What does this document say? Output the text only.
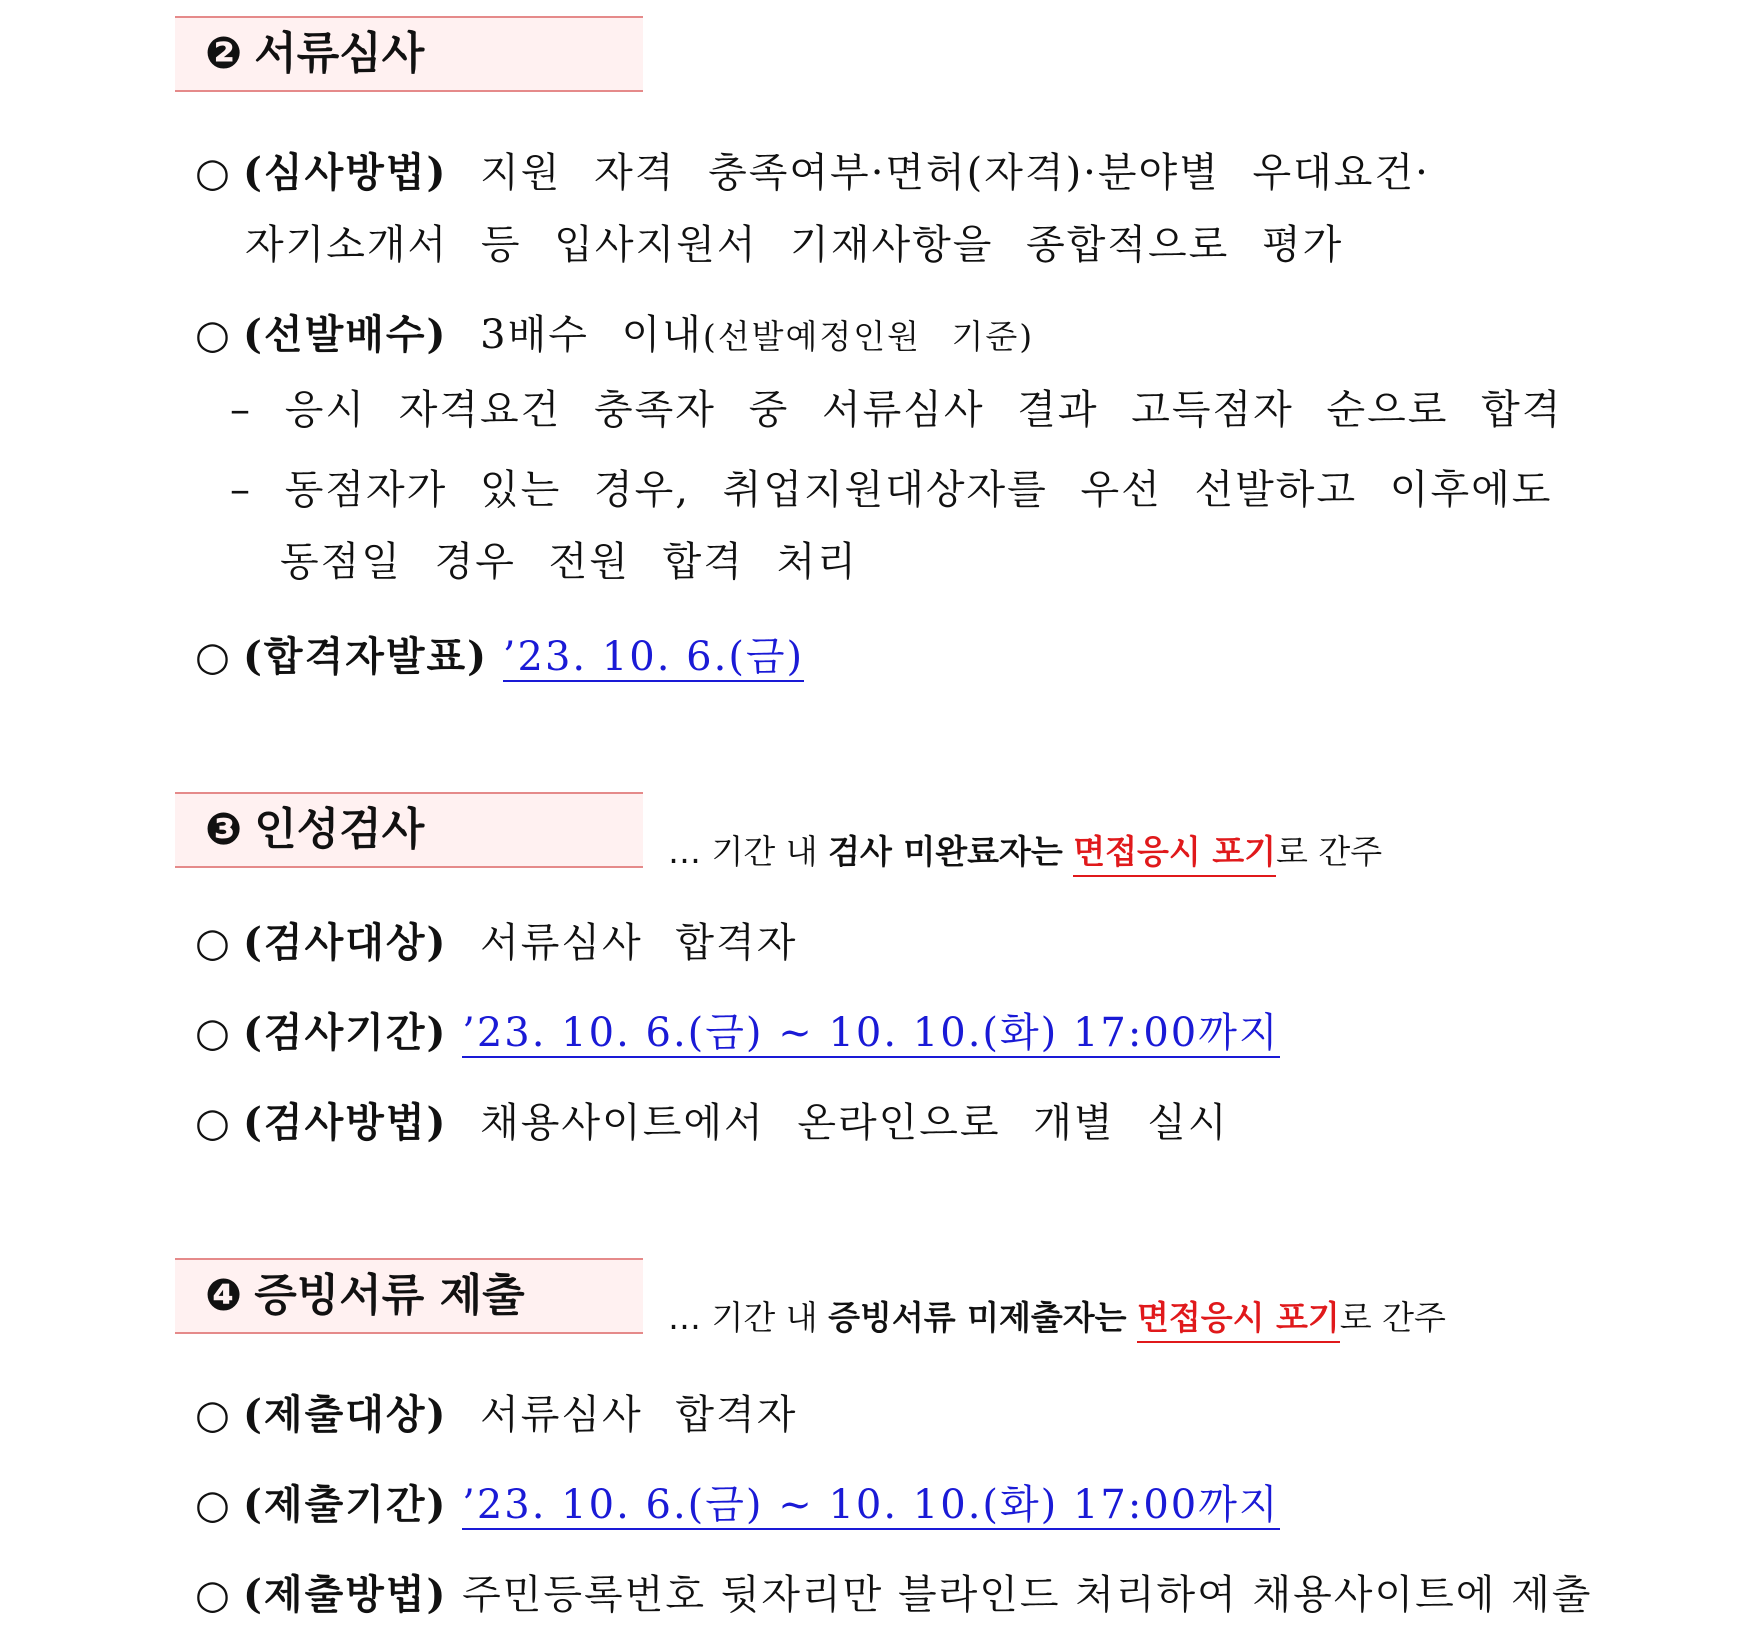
❷ 서류심사
○ (심사방법) 지원 자격 충족여부·면허(자격)·분야별 우대요건·
자기소개서 등 입사지원서 기재사항을 종합적으로 평가
○ (선발배수) 3배수 이내(선발예정인원 기준)
– 응시 자격요건 충족자 중 서류심사 결과 고득점자 순으로 합격
– 동점자가 있는 경우, 취업지원대상자를 우선 선발하고 이후에도
동점일 경우 전원 합격 처리
○ (합격자발표) ’23. 10. 6.(금)
❸ 인성검사	… 기간 내 검사 미완료자는 면접응시 포기로 간주
○ (검사대상) 서류심사 합격자
○ (검사기간) ’23. 10. 6.(금) ~ 10. 10.(화) 17:00까지
○ (검사방법) 채용사이트에서 온라인으로 개별 실시
❹ 증빙서류 제출	… 기간 내 증빙서류 미제출자는 면접응시 포기로 간주
○ (제출대상) 서류심사 합격자
○ (제출기간) ’23. 10. 6.(금) ~ 10. 10.(화) 17:00까지
○ (제출방법) 주민등록번호 뒷자리만 블라인드 처리하여 채용사이트에 제출
